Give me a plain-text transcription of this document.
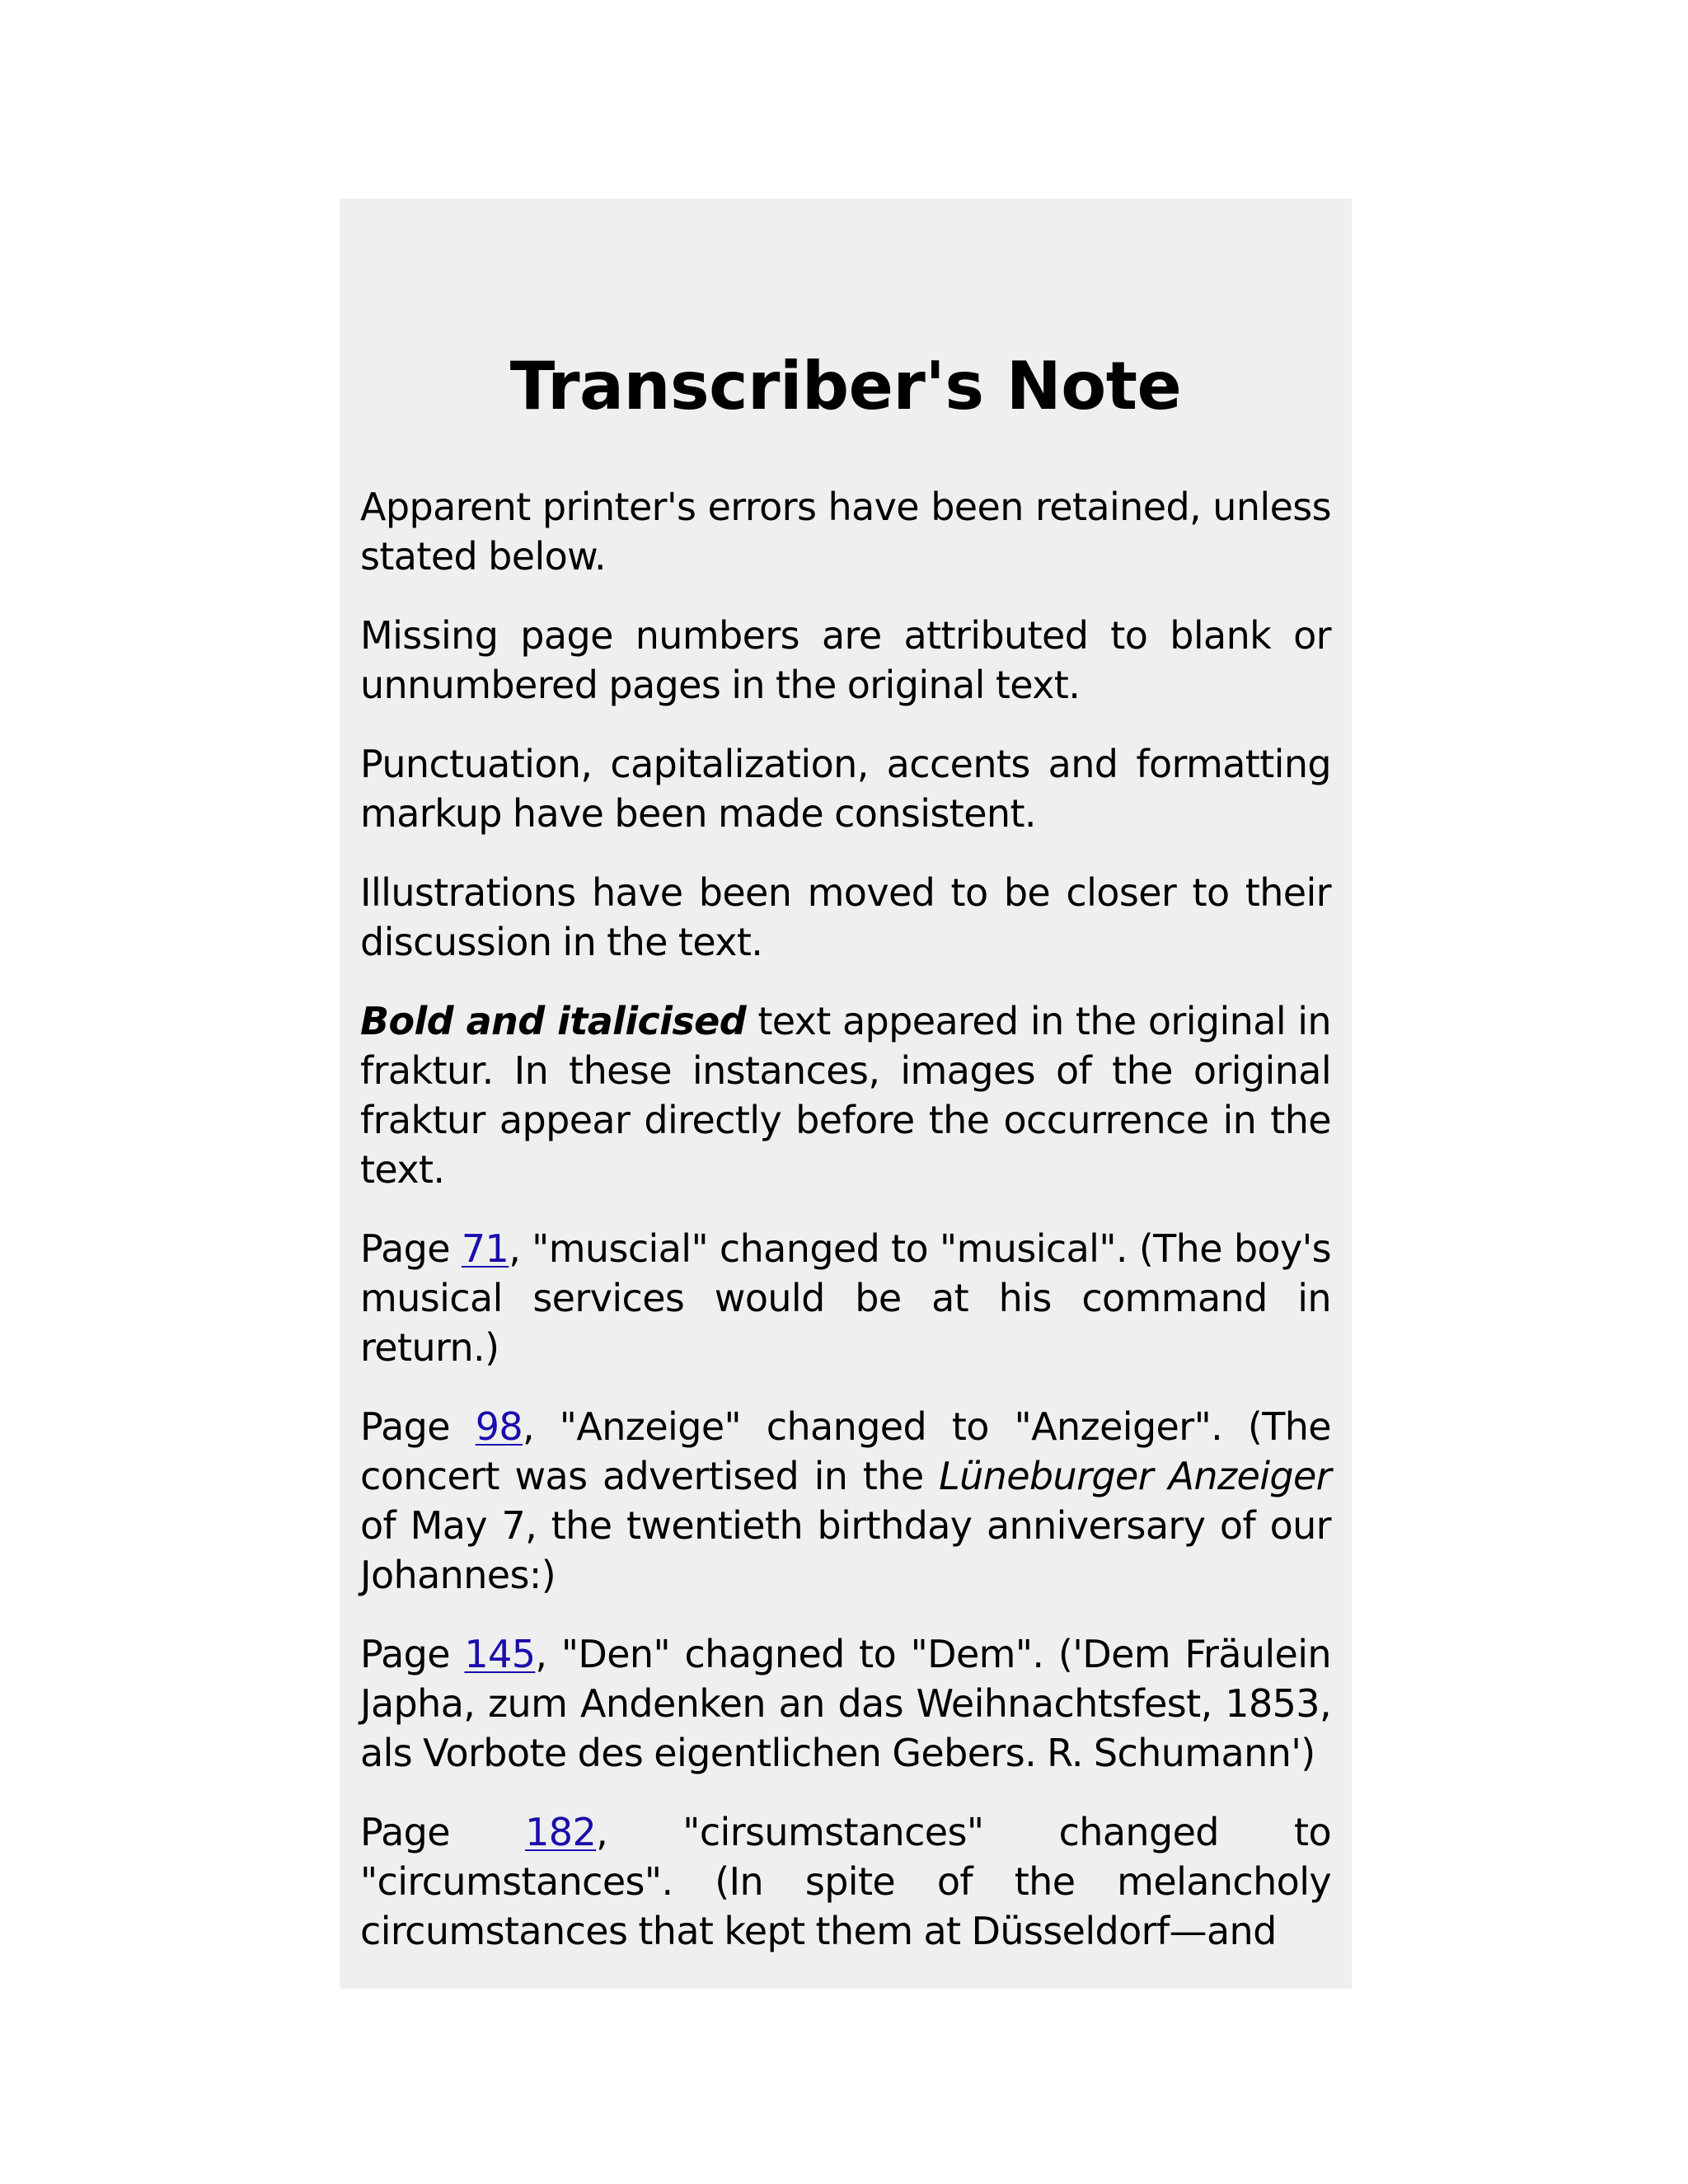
Transcriber's Note

Apparent printer's errors have been retained, unless stated below.

Missing page numbers are attributed to blank or unnumbered pages in the original text.

Punctuation, capitalization, accents and formatting markup have been made consistent.

Illustrations have been moved to be closer to their discussion in the text.

Bold and italicised text appeared in the original in fraktur. In these instances, images of the original fraktur appear directly before the occurrence in the text.

Page 71, "muscial" changed to "musical". (The boy's musical services would be at his command in return.)

Page 98, "Anzeige" changed to "Anzeiger". (The concert was advertised in the Lüneburger Anzeiger of May 7, the twentieth birthday anniversary of our Johannes:)

Page 145, "Den" chagned to "Dem". ('Dem Fräulein Japha, zum Andenken an das Weihnachtsfest, 1853, als Vorbote des eigentlichen Gebers. R. Schumann')

Page 182, "cirsumstances" changed to "circumstances". (In spite of the melancholy circumstances that kept them at Düsseldorf—and
